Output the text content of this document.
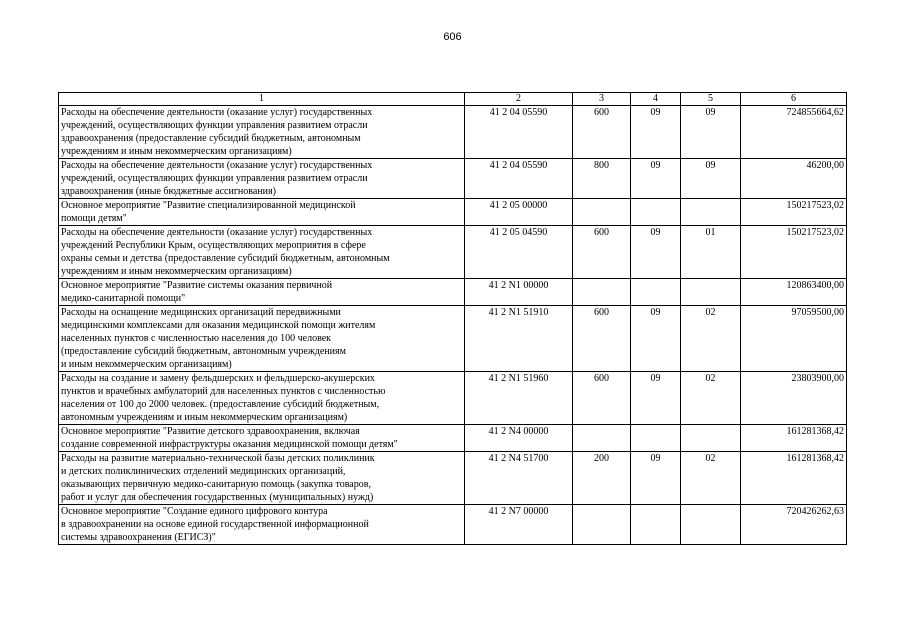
606
1	2	3	4	5	6
Расходы на обеспечение деятельности (оказание услуг) государственных
учреждений, осуществляющих функции управления развитием отрасли
здравоохранения (предоставление субсидий бюджетным, автономным
учреждениям и иным некоммерческим организациям)	41 2 04 05590	600	09	09	724855664,62
Расходы на обеспечение деятельности (оказание услуг) государственных
учреждений, осуществляющих функции управления развитием отрасли
здравоохранения (иные бюджетные ассигнования)	41 2 04 05590	800	09	09	46200,00
Основное мероприятие "Развитие специализированной медицинской
помощи детям"	41 2 05 00000				150217523,02
Расходы на обеспечение деятельности (оказание услуг) государственных
учреждений Республики Крым, осуществляющих мероприятия в сфере
охраны семьи и детства (предоставление субсидий бюджетным, автономным
учреждениям и иным некоммерческим организациям)	41 2 05 04590	600	09	01	150217523,02
Основное мероприятие "Развитие системы оказания первичной
медико-санитарной помощи"	41 2 N1 00000				120863400,00
Расходы на оснащение медицинских организаций передвижными
медицинскими комплексами для оказания медицинской помощи жителям
населенных пунктов с численностью населения до 100 человек
(предоставление субсидий бюджетным, автономным учреждениям
и иным некоммерческим организациям)	41 2 N1 51910	600	09	02	97059500,00
Расходы на создание и замену фельдшерских и фельдшерско-акушерских
пунктов и врачебных амбулаторий для населенных пунктов с численностью
населения от 100 до 2000 человек. (предоставление субсидий бюджетным,
автономным учреждениям и иным некоммерческим организациям)	41 2 N1 51960	600	09	02	23803900,00
Основное мероприятие "Развитие детского здравоохранения, включая
создание современной инфраструктуры оказания медицинской помощи детям"	41 2 N4 00000				161281368,42
Расходы на развитие материально-технической базы детских поликлиник
и детских поликлинических отделений медицинских организаций,
оказывающих первичную медико-санитарную помощь (закупка товаров,
работ и услуг для обеспечения государственных (муниципальных) нужд)	41 2 N4 51700	200	09	02	161281368,42
Основное мероприятие "Создание единого цифрового контура
в здравоохранении на основе единой государственной информационной
системы здравоохранения (ЕГИСЗ)"	41 2 N7 00000				720426262,63
